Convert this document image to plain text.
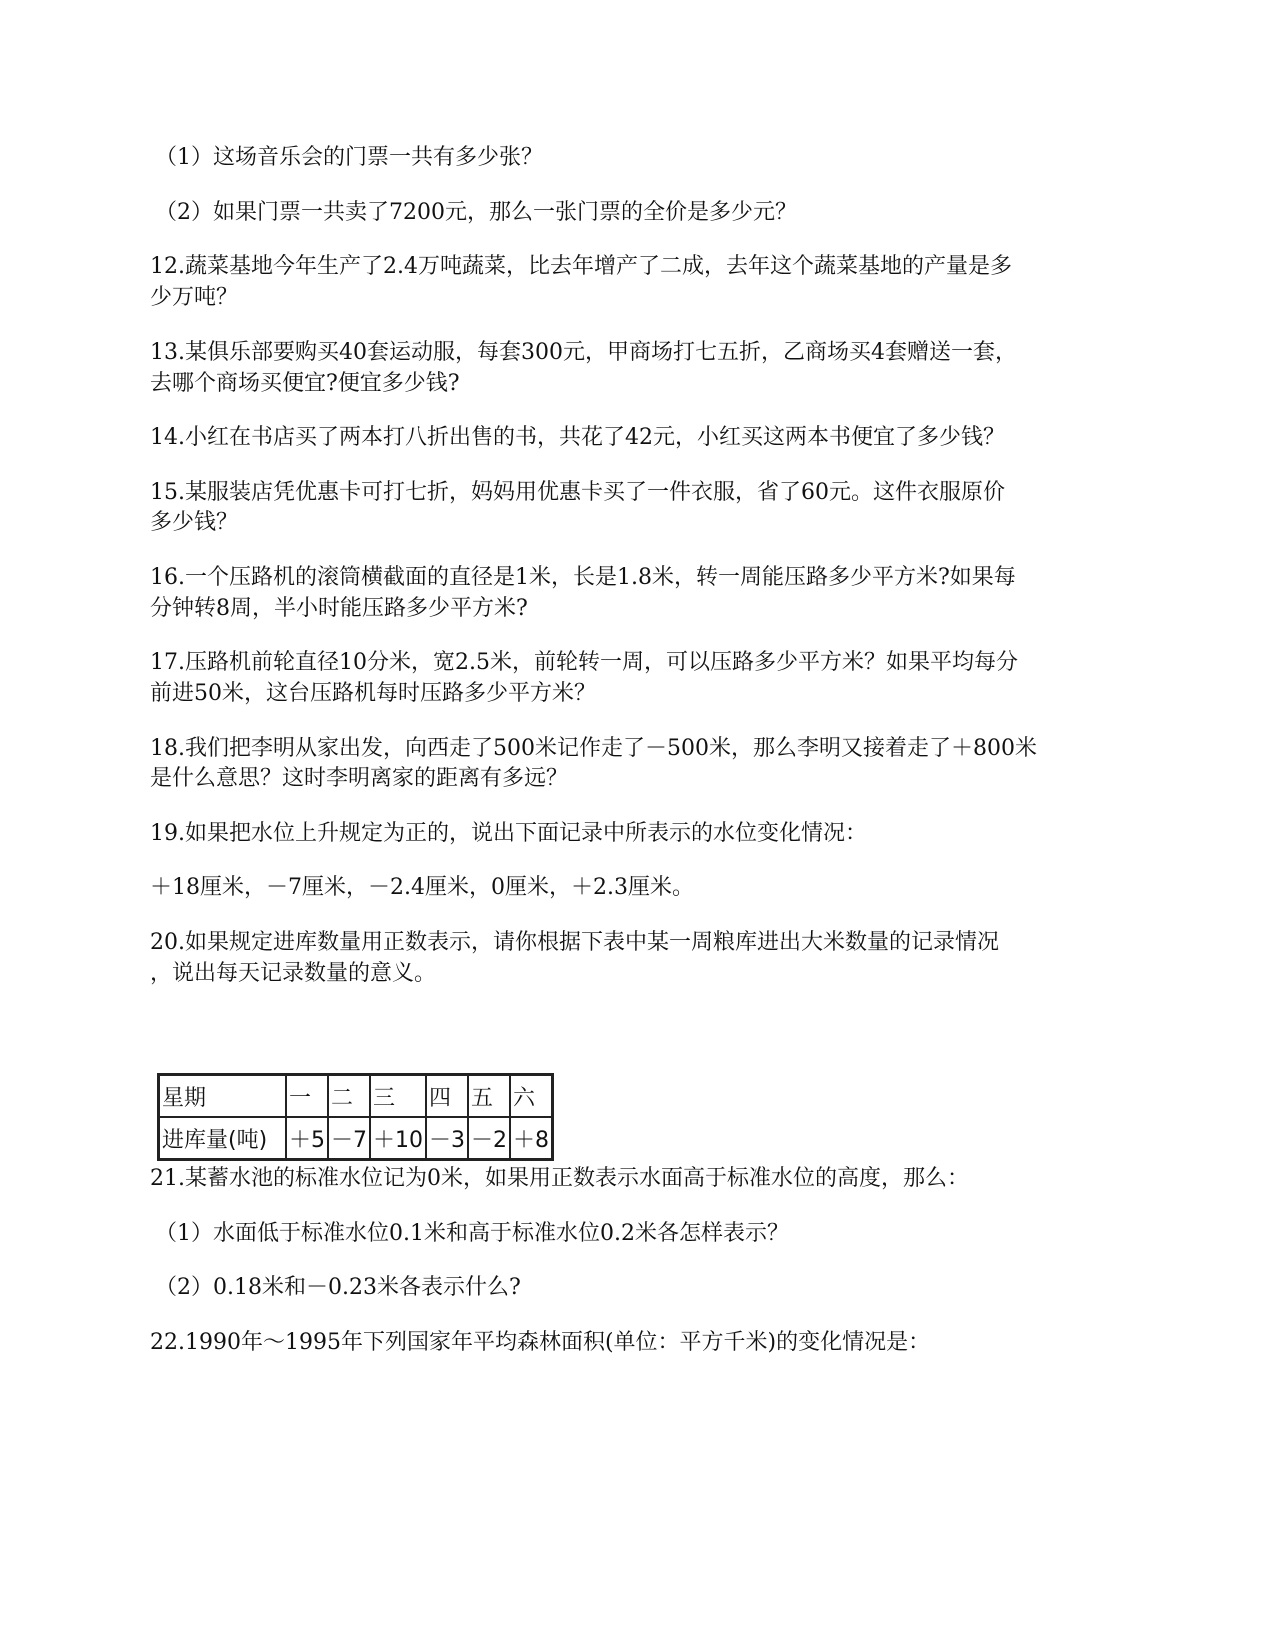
（1）这场音乐会的门票一共有多少张？
（2）如果门票一共卖了7200元，那么一张门票的全价是多少元？
12.蔬菜基地今年生产了2.4万吨蔬菜，比去年增产了二成，去年这个蔬菜基地的产量是多
少万吨？
13.某俱乐部要购买40套运动服，每套300元，甲商场打七五折，乙商场买4套赠送一套，
去哪个商场买便宜?便宜多少钱?
14.小红在书店买了两本打八折出售的书，共花了42元，小红买这两本书便宜了多少钱？
15.某服装店凭优惠卡可打七折，妈妈用优惠卡买了一件衣服，省了60元。这件衣服原价
多少钱？
16.一个压路机的滚筒横截面的直径是1米，长是1.8米，转一周能压路多少平方米?如果每
分钟转8周，半小时能压路多少平方米?
17.压路机前轮直径10分米，宽2.5米，前轮转一周，可以压路多少平方米？如果平均每分
前进50米，这台压路机每时压路多少平方米？
18.我们把李明从家出发，向西走了500米记作走了－500米，那么李明又接着走了＋800米
是什么意思？这时李明离家的距离有多远？
19.如果把水位上升规定为正的，说出下面记录中所表示的水位变化情况：
＋18厘米，－7厘米，－2.4厘米，0厘米，＋2.3厘米。
20.如果规定进库数量用正数表示，请你根据下表中某一周粮库进出大米数量的记录情况
，说出每天记录数量的意义。
星期	一	二	三	四	五	六
进库量(吨)	＋5	－7	＋10	－3	－2	＋8
21.某蓄水池的标准水位记为0米，如果用正数表示水面高于标准水位的高度，那么：
（1）水面低于标准水位0.1米和高于标准水位0.2米各怎样表示？
（2）0.18米和－0.23米各表示什么?
22.1990年～1995年下列国家年平均森林面积(单位：平方千米)的变化情况是：
